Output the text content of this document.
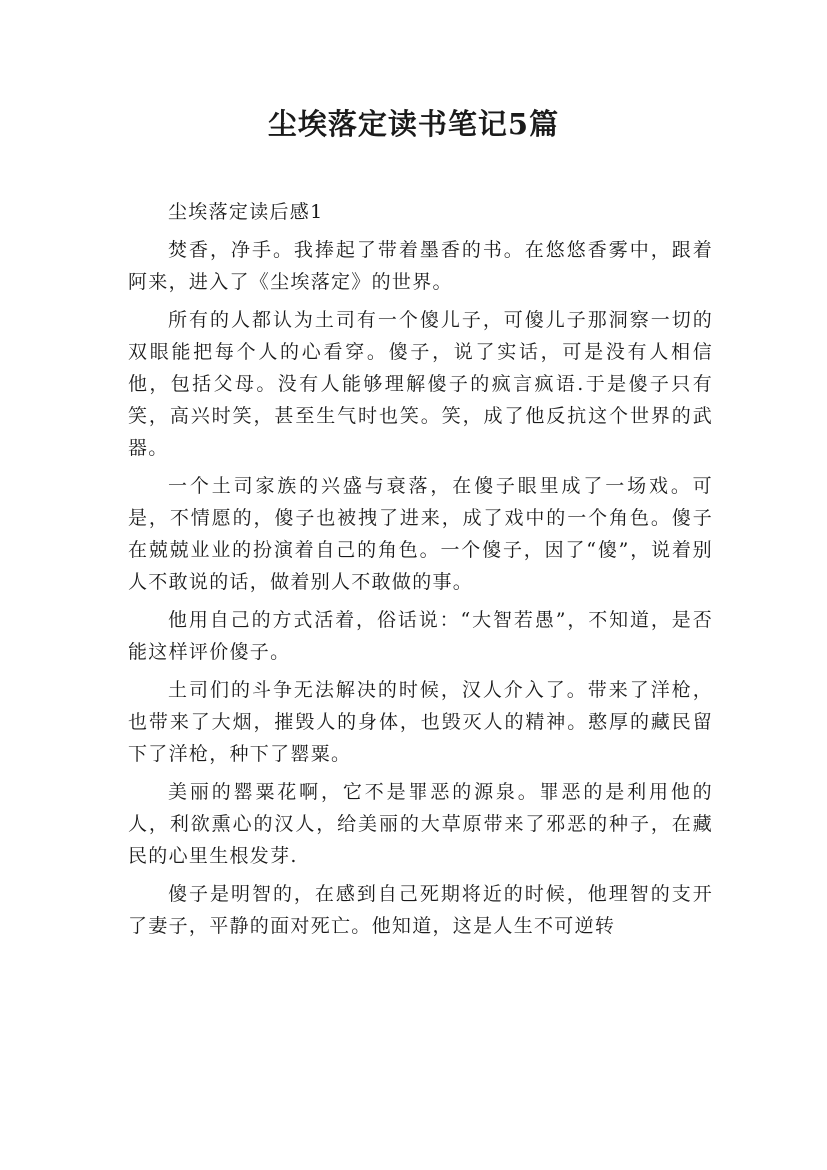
尘埃落定读书笔记5篇

尘埃落定读后感1

焚香，净手。我捧起了带着墨香的书。在悠悠香雾中，跟着阿来，进入了《尘埃落定》的世界。

所有的人都认为土司有一个傻儿子，可傻儿子那洞察一切的双眼能把每个人的心看穿。傻子，说了实话，可是没有人相信他，包括父母。没有人能够理解傻子的疯言疯语.于是傻子只有笑，高兴时笑，甚至生气时也笑。笑，成了他反抗这个世界的武器。

一个土司家族的兴盛与衰落，在傻子眼里成了一场戏。可是，不情愿的，傻子也被拽了进来，成了戏中的一个角色。傻子在兢兢业业的扮演着自己的角色。一个傻子，因了“傻”，说着别人不敢说的话，做着别人不敢做的事。

他用自己的方式活着，俗话说：“大智若愚”，不知道，是否能这样评价傻子。

土司们的斗争无法解决的时候，汉人介入了。带来了洋枪，也带来了大烟，摧毁人的身体，也毁灭人的精神。憨厚的藏民留下了洋枪，种下了罂粟。

美丽的罂粟花啊，它不是罪恶的源泉。罪恶的是利用他的人，利欲熏心的汉人，给美丽的大草原带来了邪恶的种子，在藏民的心里生根发芽.

傻子是明智的，在感到自己死期将近的时候，他理智的支开了妻子，平静的面对死亡。他知道，这是人生不可逆转
